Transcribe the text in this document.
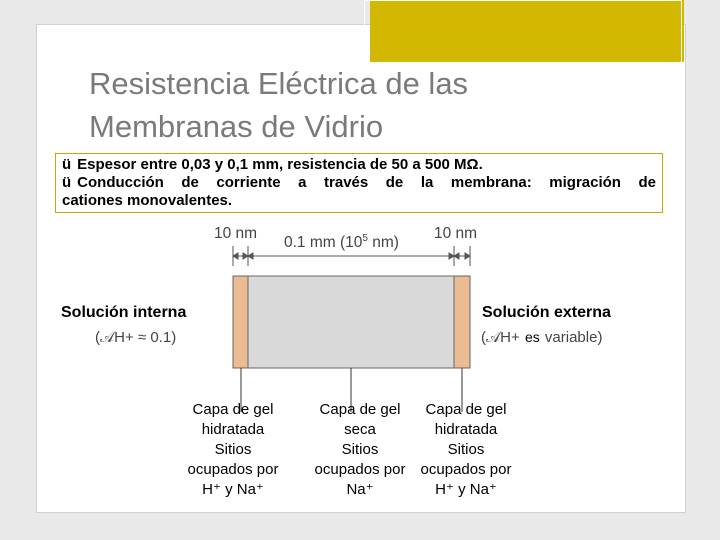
Resistencia Eléctrica de las
Membranas de Vidrio
ü Espesor entre 0,03 y 0,1 mm, resistencia de 50 a 500 MΩ.
ü Conducción de corriente a través de la membrana: migración de
cationes monovalentes.
10 nm
0.1 mm ($10^5$ nm)
10 nm
Solución interna	Solución externa
(𝒜H+ ≈ 0.1)	(𝒜H+ es variable)
Capa de gel
hidratada
Sitios
ocupados por
H⁺ y Na⁺
Capa de gel
seca
Sitios
ocupados por
Na⁺
Capa de gel
hidratada
Sitios
ocupados por
H⁺ y Na⁺
